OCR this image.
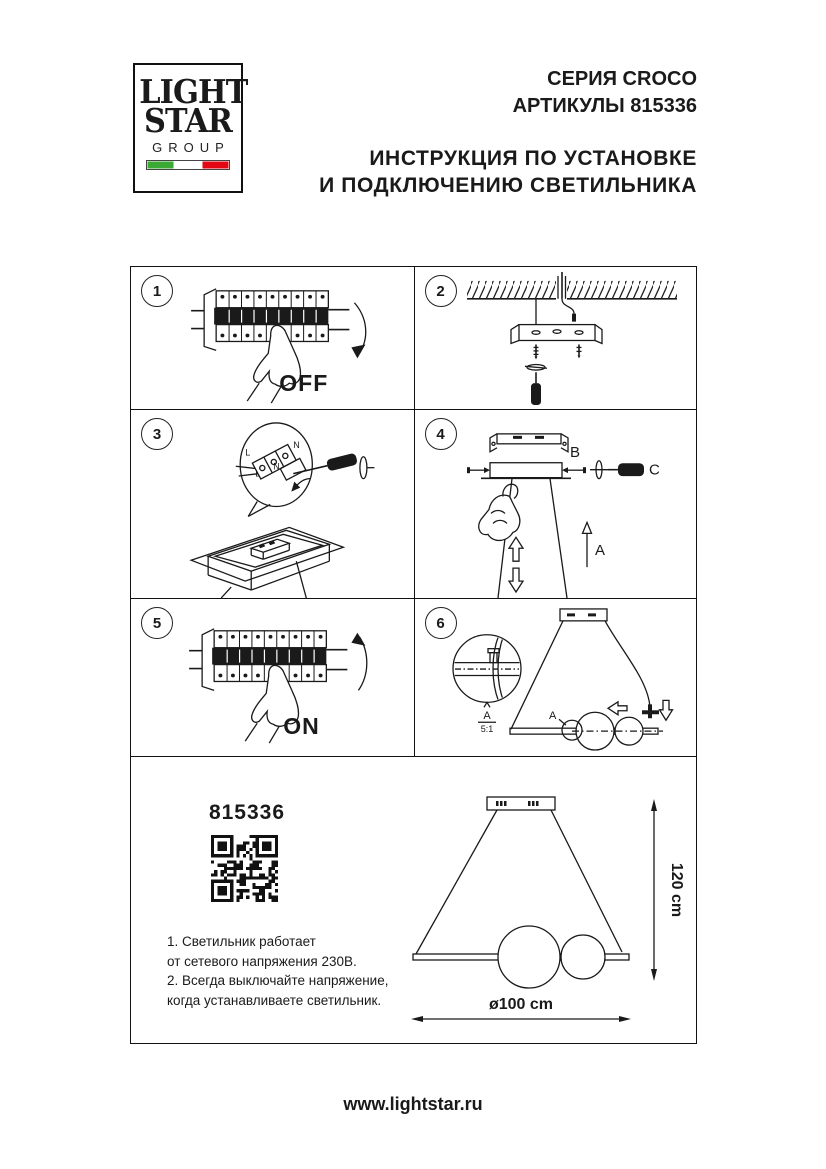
LIGHT
STAR
GROUP
СЕРИЯ CROCO
АРТИКУЛЫ 815336
ИНСТРУКЦИЯ ПО УСТАНОВКЕ
И ПОДКЛЮЧЕНИЮ СВЕТИЛЬНИКА
1
OFF
2
3
N
L
L
N
4
B
C
A
5
ON
6
A
A
5:1
815336
1. Светильник работает
от сетевого напряжения 230В.
2. Всегда выключайте напряжение,
когда устанавливаете светильник.
120 cm
ø100 cm
www.lightstar.ru
